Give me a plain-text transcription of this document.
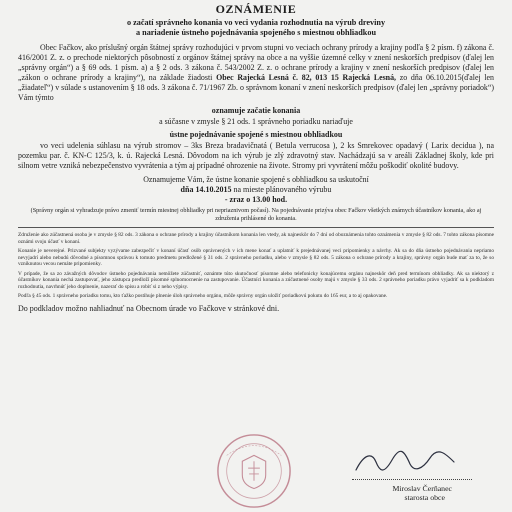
OZNÁMENIE
o začatí správneho konania vo veci vydania rozhodnutia na výrub dreviny
a nariadenie ústneho pojednávania spojeného s miestnou obhliadkou

Obec Fačkov, ako príslušný orgán štátnej správy rozhodujúci v prvom stupni vo veciach ochrany prírody a krajiny podľa § 2 písm. f) zákona č. 416/2001 Z. z. o prechode niektorých pôsobností z orgánov štátnej správy na obce a na vyššie územné celky v znení neskorších predpisov (ďalej len „správny orgán“) a § 69 ods. 1 písm. a) a § 2 ods. 3 zákona č. 543/2002 Z. z. o ochrane prírody a krajiny v znení neskorších predpisov (ďalej len „zákon o ochrane prírody a krajiny“), na základe žiadosti Obec Rajecká Lesná č. 82, 013 15 Rajecká Lesná, zo dňa 06.10.2015(ďalej len „žiadateľ“) v súlade s ustanovením § 18 ods. 3 zákona č. 71/1967 Zb. o správnom konaní v znení neskorších predpisov (ďalej len „správny poriadok“) Vám týmto

oznamuje začatie konania

a súčasne v zmysle § 21 ods. 1 správneho poriadku nariaďuje

ústne pojednávanie spojené s miestnou obhliadkou

vo veci udelenia súhlasu na výrub stromov – 3ks Breza bradavičnatá ( Betula verrucosa ), 2 ks Smrekovec opadavý ( Larix decidua ), na pozemku par. č. KN-C 125/3, k. ú. Rajecká Lesná. Dôvodom na ich výrub je zlý zdravotný stav. Nachádzajú sa v areáli Základnej školy, kde pri silnom vetre vzniká nebezpečenstvo vyvrátenia a tým aj prípadné ohrozenie na živote. Stromy pri vyvrátení môžu poškodiť okolité budovy.

Oznamujeme Vám, že ústne konanie spojené s obhliadkou sa uskutoční

dňa 14.10.2015 na mieste plánovaného výrubu
- zraz o 13.00 hod.

(Správny orgán si vyhradzuje právo zmeniť termín miestnej obhliadky pri nepriaznivom počasí). Na pojednávanie prizýva obec Fačkov všetkých známych účastníkov konania, ako aj združenia prihlásené do konania.

Združenie ako zúčastnená osoba je v zmysle § 82 ods. 3 zákona o ochrane prírody a krajiny účastníkom konania len vtedy, ak najneskôr do 7 dní od oboznámenia tohto oznámenia v zmysle § 82 ods. 7 tohto zákona písomne oznámi svoju účasť v konaní.

Konanie je neverejné. Prizvané subjekty vyzývame zabezpečiť v konaní účasť osôb oprávnených v ich mene konať a uplatniť k prejednávanej veci pripomienky a návrhy. Ak sa do dňa ústneho pojednávania nepriamo nevyjadrí alebo nebudú dôvodné a písomnou správou k tomuto predmetu predložené § 31 ods. 2 správneho poriadku, alebo v zmysle § 82 ods. 5 zákona o ochrane prírody a krajiny, správny orgán bude mať za to, že so vzniknutou vecou nemáte pripomienky.

V prípade, že sa zo závažných dôvodov ústneho pojednávania nemôžete zúčastniť, oznámte túto skutočnosť písomne alebo telefonicky konajúcemu orgánu najneskôr deň pred termínom obhliadky. Ak sa niektorý z účastníkov konania nechá zastupovať, jeho zástupca predloží písomné splnomocnenie na zastupovanie. Účastníci konania a zúčastnené osoby majú v zmysle § 33 ods. 2 správneho poriadku právo vyjadriť sa k podkladom rozhodnutia, navrhnúť jeho doplnenie, nazerať do spisu a robiť si z neho výpisy.

Podľa § 45 ods. 1 správneho poriadku tomu, kto ťažko postihuje plnenie úloh správneho orgánu, môže správny orgán uložiť poriadkovú pokutu do 165 eur, a to aj opakovane.

Do podkladov možno nahliadnuť na Obecnom úrade vo Fačkove v stránkové dni.

Miroslav Čerňanec
starosta obce
